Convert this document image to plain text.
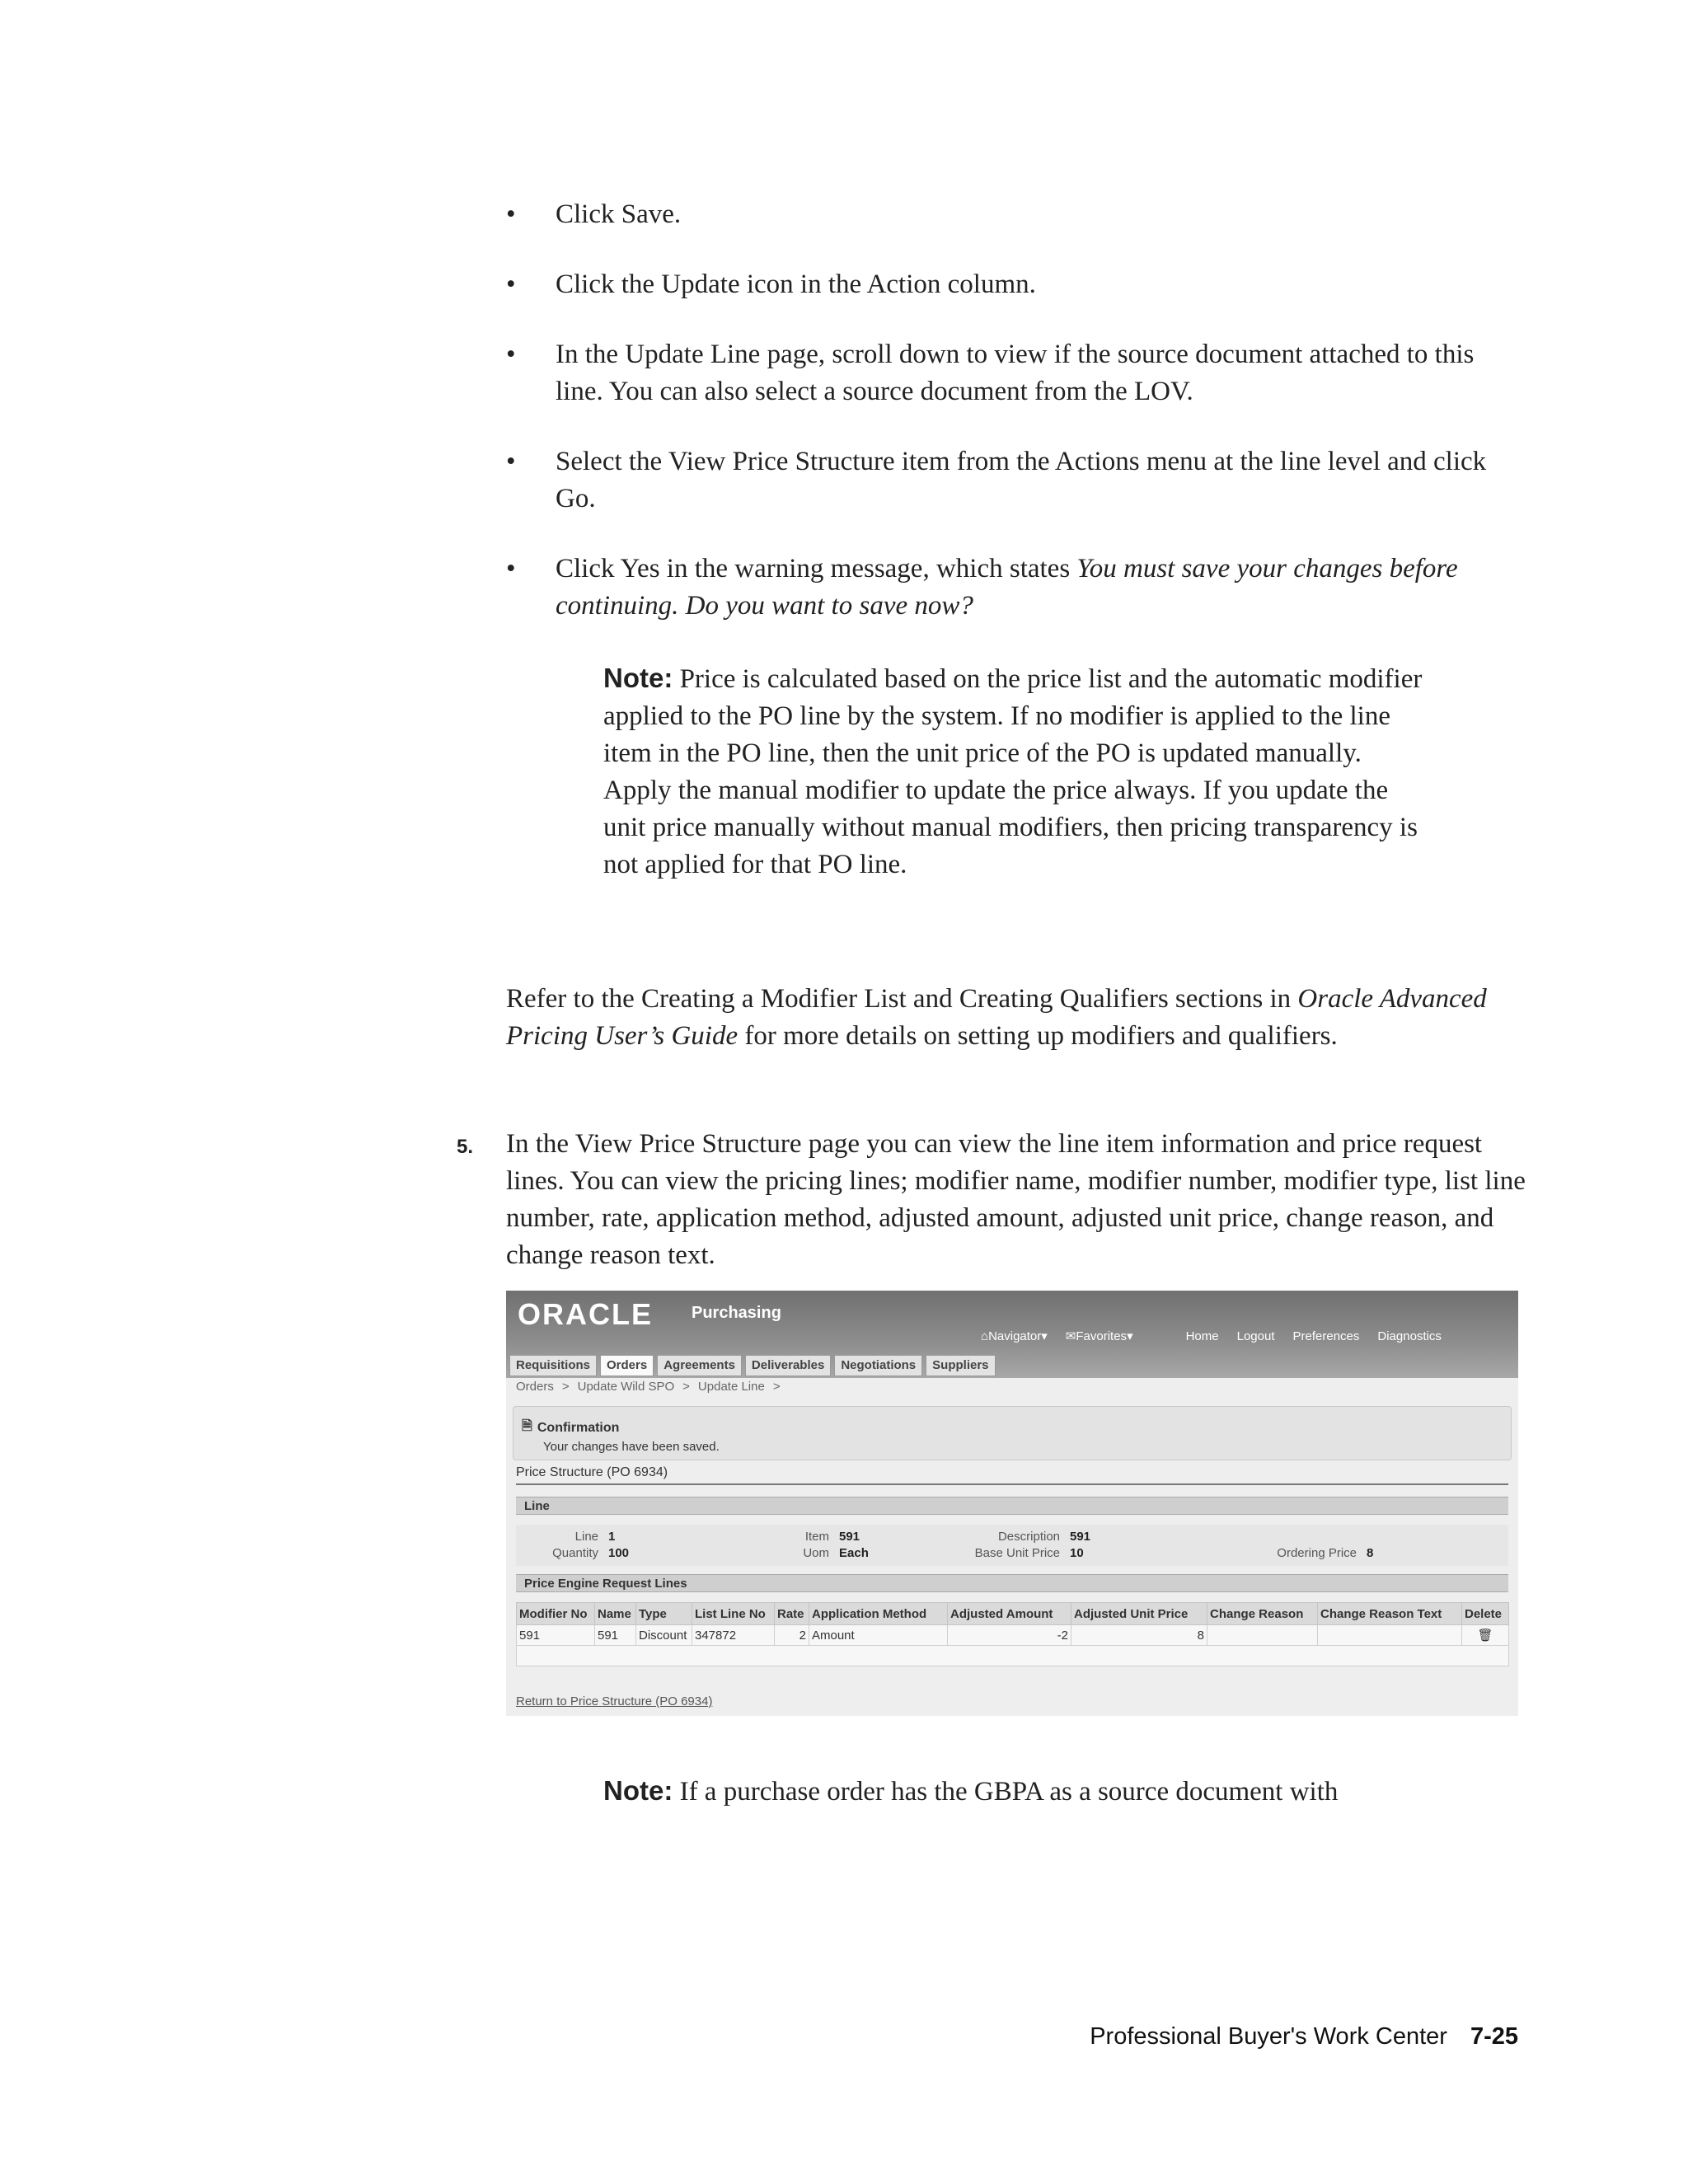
• Click Save.
• Click the Update icon in the Action column.
• In the Update Line page, scroll down to view if the source document attached to this line. You can also select a source document from the LOV.
• Select the View Price Structure item from the Actions menu at the line level and click Go.
• Click Yes in the warning message, which states You must save your changes before continuing. Do you want to save now?
Note: Price is calculated based on the price list and the automatic modifier applied to the PO line by the system. If no modifier is applied to the line item in the PO line, then the unit price of the PO is updated manually. Apply the manual modifier to update the price always. If you update the unit price manually without manual modifiers, then pricing transparency is not applied for that PO line.
Refer to the Creating a Modifier List and Creating Qualifiers sections in Oracle Advanced Pricing User’s Guide for more details on setting up modifiers and qualifiers.
5. In the View Price Structure page you can view the line item information and price request lines. You can view the pricing lines; modifier name, modifier number, modifier type, list line number, rate, application method, adjusted amount, adjusted unit price, change reason, and change reason text.
ORACLE Purchasing
⌂Navigator▾ ✉Favorites▾	Home Logout Preferences Diagnostics
Requisitions	Orders	Agreements	Deliverables	Negotiations	Suppliers
Orders > Update Wild SPO > Update Line >
🗎 Confirmation
Your changes have been saved.
Price Structure (PO 6934)
Line
Line 1
Quantity 100
Item 591
Uom Each
Description 591
Base Unit Price 10	Ordering Price 8
Price Engine Request Lines
Modifier No	Name	Type	List Line No	Rate	Application Method	Adjusted Amount	Adjusted Unit Price	Change Reason	Change Reason Text	Delete
591	591	Discount	347872	2	Amount	-2	8			🗑

Return to Price Structure (PO 6934)
Note: If a purchase order has the GBPA as a source document with
Professional Buyer's Work Center 7-25
